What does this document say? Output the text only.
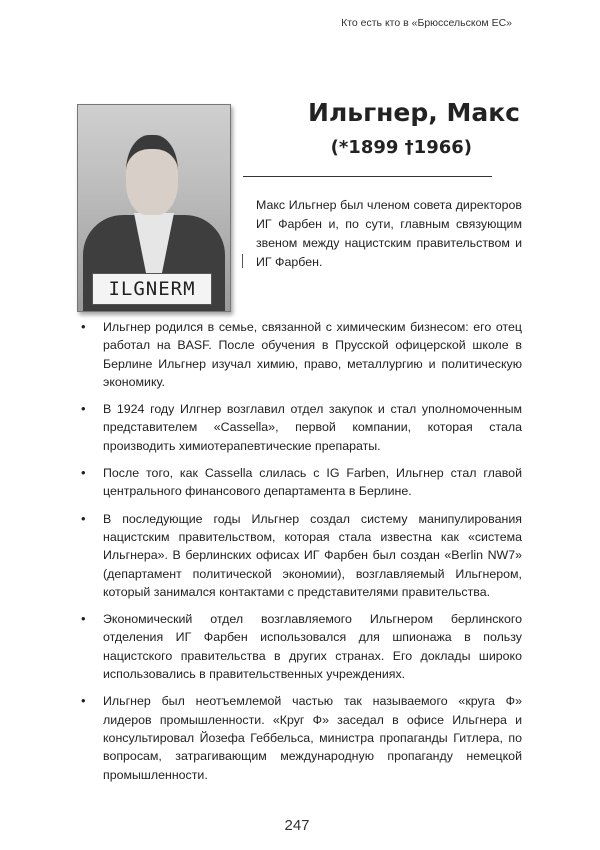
Кто есть кто в «Брюссельском ЕС»
ILGNERM
Ильгнер, Макс
(*1899 †1966)
Макс Ильгнер был членом совета директоров ИГ Фарбен и, по сути, главным связующим звеном между нацистским правительством и ИГ Фарбен.
• Ильгнер родился в семье, связанной с химическим бизнесом: его отец работал на BASF. После обучения в Прусской офицерской школе в Берлине Ильгнер изучал химию, право, металлургию и политическую экономику.
• В 1924 году Илгнер возглавил отдел закупок и стал уполномоченным представителем «Cassella», первой компании, которая стала производить химиотерапевтические препараты.
• После того, как Cassella слилась с IG Farben, Ильгнер стал главой центрального финансового департамента в Берлине.
• В последующие годы Ильгнер создал систему манипулирования нацистским правительством, которая стала известна как «система Ильгнера». В берлинских офисах ИГ Фарбен был создан «Berlin NW7» (департамент политической экономии), возглавляемый Ильгнером, который занимался контактами с представителями правительства.
• Экономический отдел возглавляемого Ильгнером берлинского отделения ИГ Фарбен использовался для шпионажа в пользу нацистского правительства в других странах. Его доклады широко использовались в правительственных учреждениях.
• Ильгнер был неотъемлемой частью так называемого «круга Ф» лидеров промышленности. «Круг Ф» заседал в офисе Ильгнера и консультировал Йозефа Геббельса, министра пропаганды Гитлера, по вопросам, затрагивающим международную пропаганду немецкой промышленности.
247
